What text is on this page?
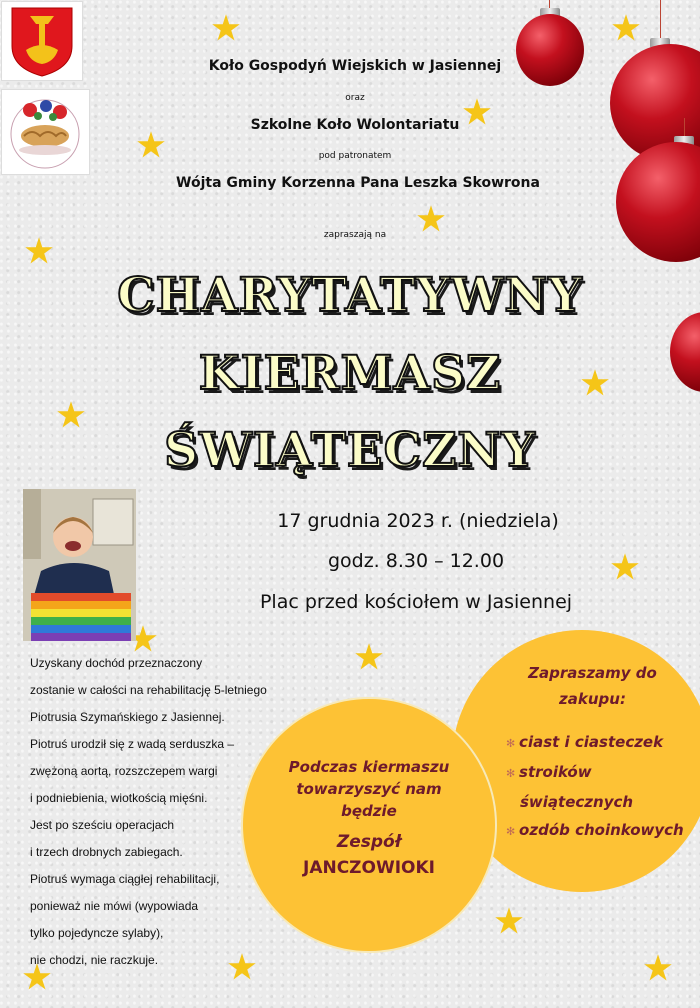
Koło Gospodyń Wiejskich w Jasiennej
oraz
Szkolne Koło Wolontariatu
pod patronatem
Wójta Gminy Korzenna Pana Leszka Skowrona
zapraszają na
CHARYTATYWNY
KIERMASZ
ŚWIĄTECZNY
17 grudnia 2023 r. (niedziela)
godz. 8.30 – 12.00
Plac przed kościołem w Jasiennej
Uzyskany dochód przeznaczony
zostanie w całości na rehabilitację 5-letniego
Piotrusia Szymańskiego z Jasiennej.
Piotruś urodził się z wadą serduszka –
zwężoną aortą, rozszczepem wargi
i podniebienia, wiotkością mięśni.
Jest po sześciu operacjach
i trzech drobnych zabiegach.
Piotruś wymaga ciągłej rehabilitacji,
ponieważ nie mówi (wypowiada
tylko pojedyncze sylaby),
nie chodzi, nie raczkuje.
Zapraszamy do
zakupu:
✻ ciast i ciasteczek
✻ stroików
świątecznych
✻ ozdób choinkowych
Podczas kiermaszu
towarzyszyć nam
będzie
Zespół
JANCZOWIOKI
